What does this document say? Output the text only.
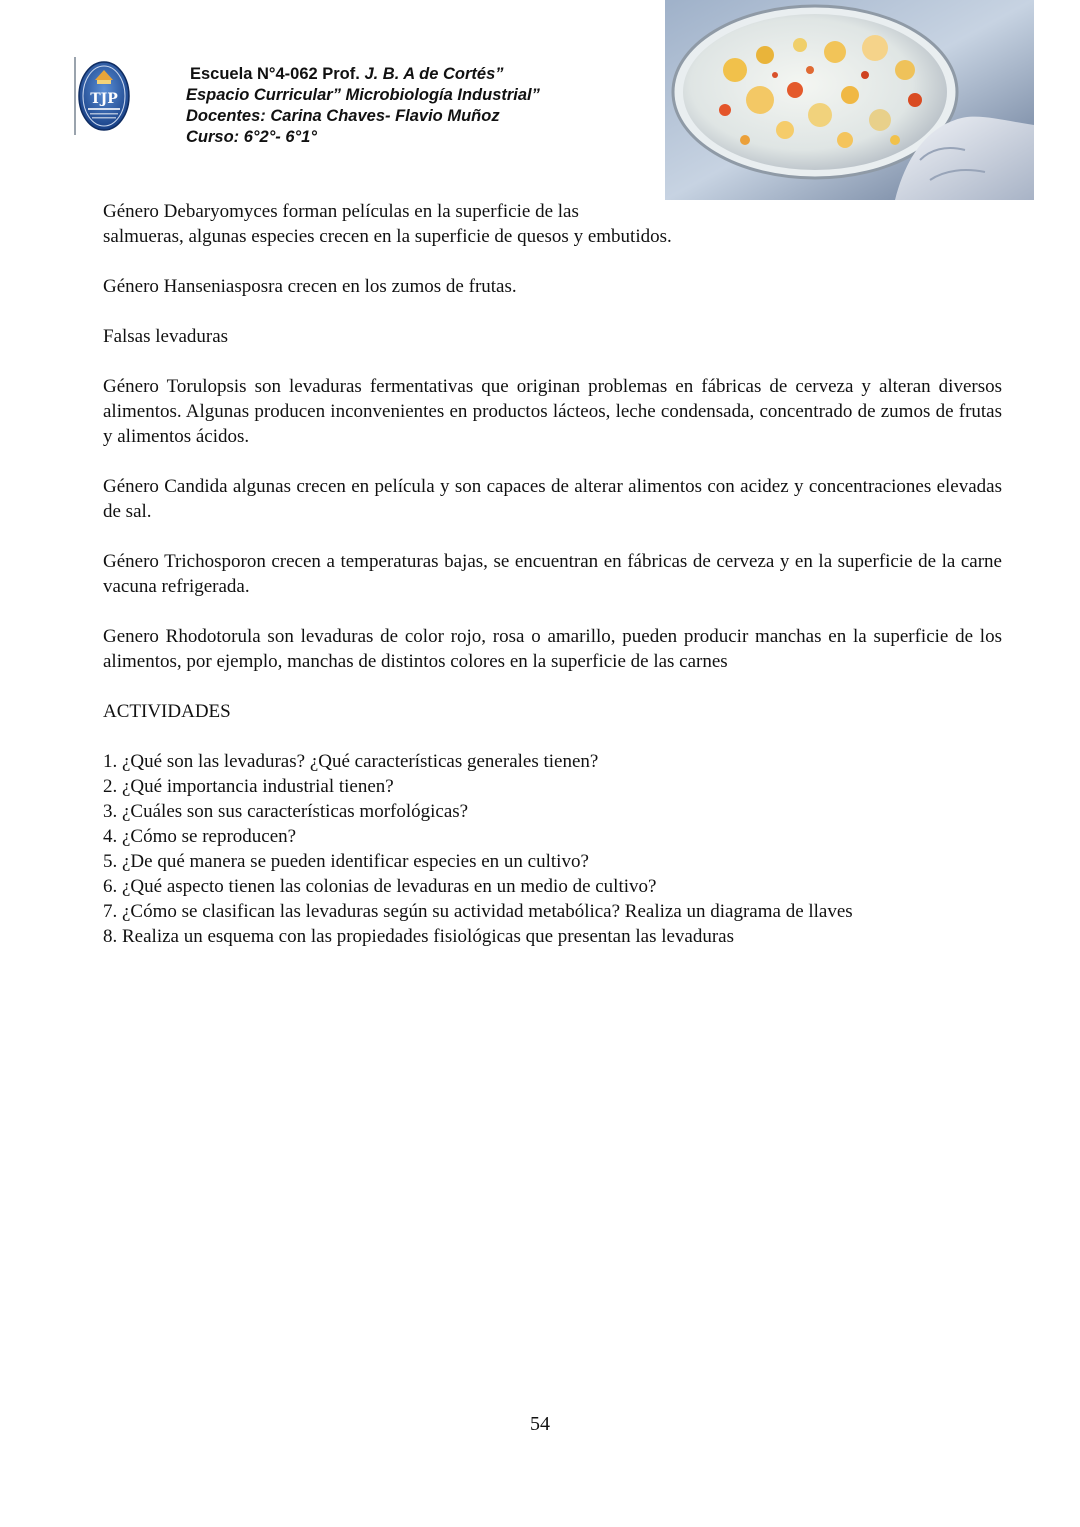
TJP
Escuela N°4-062 Prof. J. B. A de Cortés”
Espacio Curricular” Microbiología Industrial”
Docentes: Carina Chaves- Flavio Muñoz
Curso: 6°2°- 6°1°

Género Debaryomyces forman películas en la superficie de las
salmueras, algunas especies crecen en la superficie de quesos y embutidos.

Género Hanseniasposra crecen en los zumos de frutas.

Falsas levaduras

Género Torulopsis son levaduras fermentativas que originan problemas en fábricas de cerveza y alteran diversos alimentos. Algunas producen inconvenientes en productos lácteos, leche condensada, concentrado de zumos de frutas y alimentos ácidos.

Género Candida algunas crecen en película y son capaces de alterar alimentos con acidez y concentraciones elevadas de sal.

Género Trichosporon crecen a temperaturas bajas, se encuentran en fábricas de cerveza y en la superficie de la carne vacuna refrigerada.

Genero Rhodotorula son levaduras de color rojo, rosa o amarillo, pueden producir manchas en la superficie de los alimentos, por ejemplo, manchas de distintos colores en la superficie de las carnes

ACTIVIDADES

1. ¿Qué son las levaduras? ¿Qué características generales tienen?
2. ¿Qué importancia industrial tienen?
3. ¿Cuáles son sus características morfológicas?
4. ¿Cómo se reproducen?
5. ¿De qué manera se pueden identificar especies en un cultivo?
6. ¿Qué aspecto tienen las colonias de levaduras en un medio de cultivo?
7. ¿Cómo se clasifican las levaduras según su actividad metabólica? Realiza un diagrama de llaves
8. Realiza un esquema con las propiedades fisiológicas que presentan las levaduras
54
